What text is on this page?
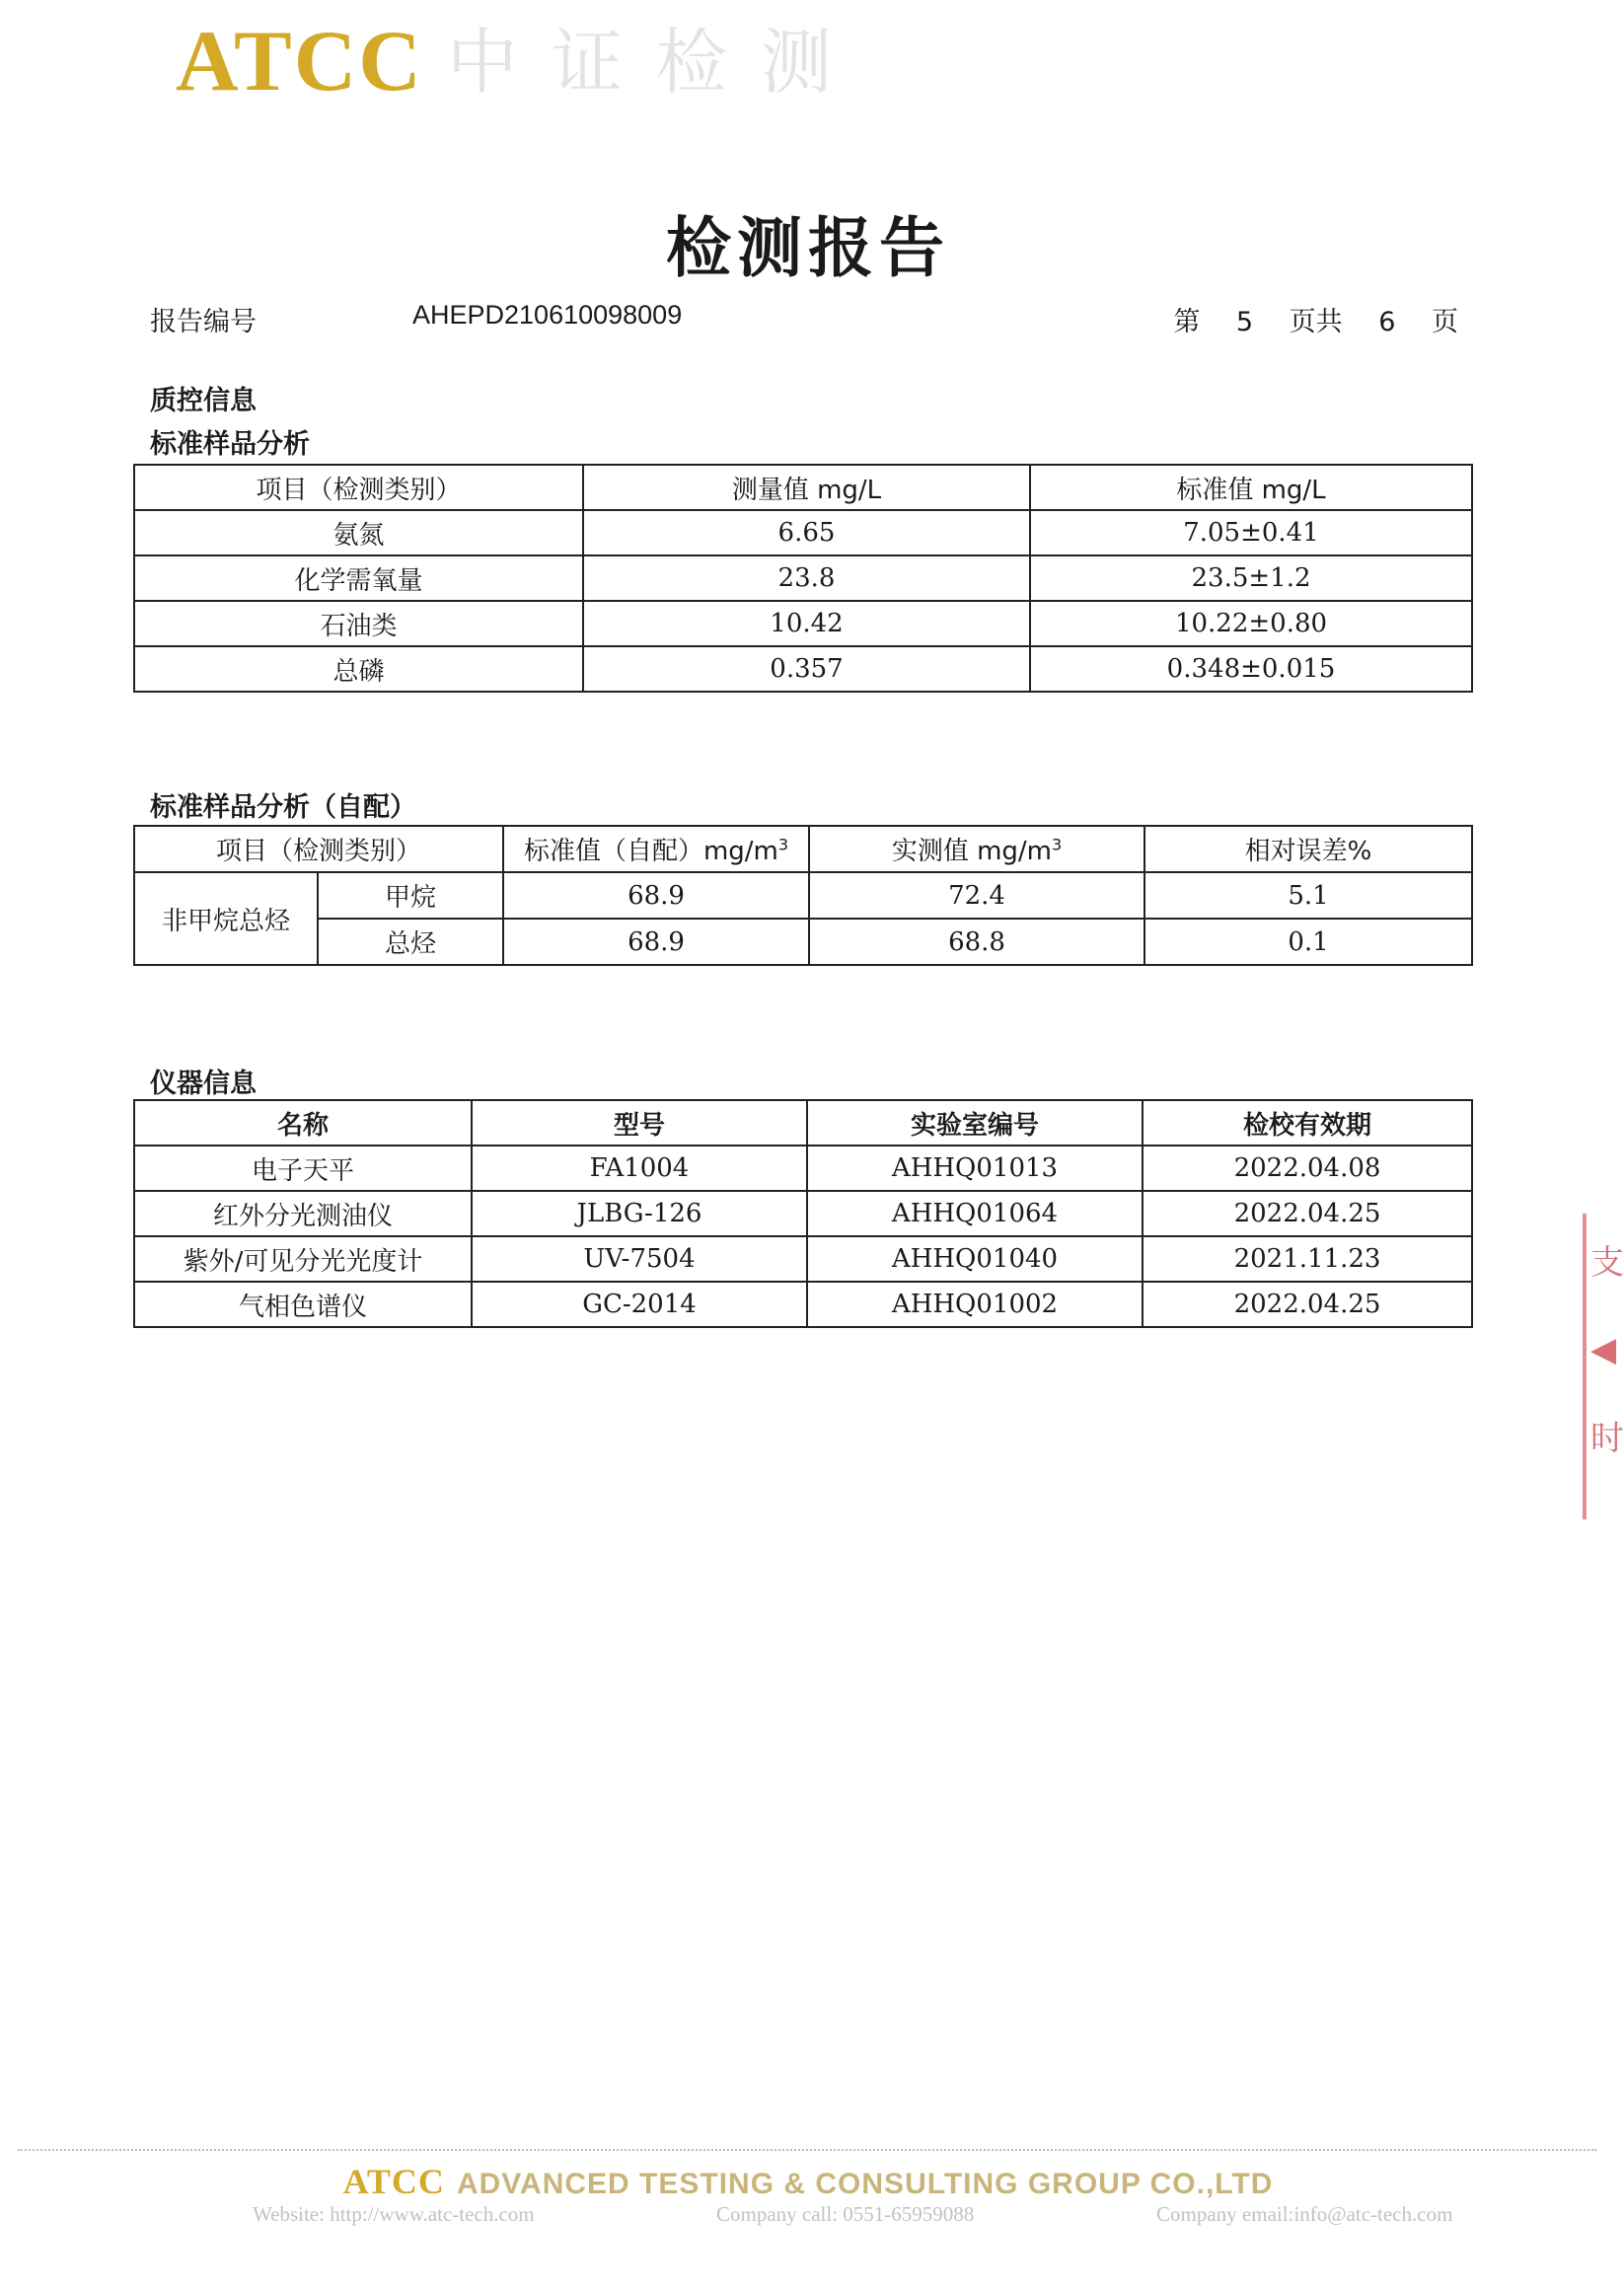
ATCC 中证检测
检测报告
报告编号	AHEPD210610098009	第 5 页共 6 页
质控信息
标准样品分析
项目（检测类别）	测量值 mg/L	标准值 mg/L
氨氮	6.65	7.05±0.41
化学需氧量	23.8	23.5±1.2
石油类	10.42	10.22±0.80
总磷	0.357	0.348±0.015
标准样品分析（自配）
项目（检测类别）		标准值（自配）$mg/m^3$	实测值 $mg/m^3$	相对误差%
非甲烷总烃	甲烷	68.9	72.4	5.1
	总烃	68.9	68.8	0.1
仪器信息
名称	型号	实验室编号	检校有效期
电子天平	FA1004	AHHQ01013	2022.04.08
红外分光测油仪	JLBG-126	AHHQ01064	2022.04.25
紫外/可见分光光度计	UV-7504	AHHQ01040	2021.11.23
气相色谱仪	GC-2014	AHHQ01002	2022.04.25
支
◀
时
ATCC ADVANCED TESTING & CONSULTING GROUP CO.,LTD
Website: http://www.atc-tech.com	Company call: 0551-65959088	Company email:info@atc-tech.com
